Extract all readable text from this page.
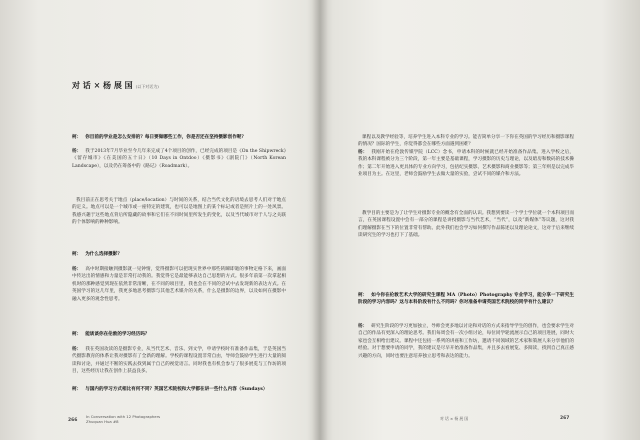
对 话 × 杨 展 国 (以下对话为)

柯： 你目前的学业是怎么安排的？每日要做哪些工作，你是否还在坚持摄影创作呢？

杨： 我于2013年7月毕业至今几年来完成了4个项目的创作，已经完成的项目是《On the Shipwreck》《留存城市》《在美国的五十日》（10 Days in Ontdoo）《摄影书》《剧院门》（North Korean Landscape），以及仍在筹备中的《路记》（Roadmark）。

我目前正在思考关于地点（place/location）与时间的关系，结合当代文化的语境去思考人们对于地点的定义。地点可以是一个城市或一座特定的建筑，也可以是地图上的某个标记或者是照片上的一处风景。我感兴趣于这些地点背后所隐藏的故事和它们在不同时间里所发生的变化，以及当代城市对于人与之关联的个体影响的种种影响。

柯： 为什么选择摄影？

杨： 高中时期接触到摄影就一见钟情，觉得摄影可以把现实世界中那些转瞬即逝的事物定格下来，画面中传达出的情感和力量是非常打动我的。我觉得它是最能够表达自己思想的方式。很多年前第一次拿起相机时的那种感觉到现在依然非常清晰，在不同的项目里，我也会在不同的尝试中去发现新的表达方式。在英国学习的这几年里，我更多地思考摄影与其他艺术媒介的关系，什么是摄影的边界，以及如何在摄影中融入更多的观念性思考。

柯： 能谈谈你在伦敦的学习经历吗？

杨： 我在英国攻读的是摄影专业，从当代艺术、音乐、到文学，申请学校时有准备作品集，于是英国当代摄影教育的体系让我对摄影有了全新的理解。学校的课程设置非常自由，导师会鼓励学生进行大量的阅读和讨论，并通过不断的实践去找到属于自己的视觉语言。同时我也有机会参与了很多展览与工作坊的项目，这些经历让我在创作上获益良多。

柯： 与国内的学习方式相比有何不同？英国艺术院校和大学都在讲一些什么内容（Sundays）

266
In Conversation with 12 Photographers
Zhuquan Hua #8

课程以及教学经验等，培养学生进入本科专业的学习。能否简单分享一下你在英国的学习经历和摄影课程的情况？国际的学生，你觉得都会在哪些方面遇到困难？

杨： 我刚开始在伦敦传媒学院（LCC）念书，申请本科的时候就已经开始准备作品集。进入学校之后，我的本科课程被分为三个阶段，第一年主要是基础课程，学习摄影的历史与理论，以及暗房和数码的技术操作；第二年开始进入更具体的专业方向学习，包括纪实摄影、艺术摄影和商业摄影等；第三年则是以完成毕业项目为主。在这里，老师会鼓励学生去做大量的实验，尝试不同的媒介和方法。

教学目的主要是为了让学生对摄影专业的概念有全面的认识。我想到要读一个学士学位就一个本科项目而言，在英国课程设置中会有一部分的课程是讲授摄影与当代艺术，“当代”，以及“新媒体”等议题，这对我们理解摄影在当下的位置非常有帮助。此外我们也会学习如何撰写作品陈述以及理论论文，这对于后来继续读研究生的学习也打下了基础。

柯： 如今你在伦敦艺术大学的研究生课程 MA（Photo）Photography 专业学习，能分享一下研究生阶段的学习内容吗？这与本科阶段有什么不同吗？你对准备申请英国艺术院校的同学有什么建议？

杨： 研究生阶段的学习更加独立，导师会更多地以讨论和对话的方式来指导学生的创作，也会要求学生对自己的作品有更深入的理论思考。我们每周会有一次小组讨论，每位同学轮流展示自己的项目进展，同时大家也会互相给出建议。课程中还包括一系列的讲座和工作坊，邀请不同领域的艺术家和策展人来分享他们的经验。对于想要申请的同学，我的建议是尽早开始准备作品集，并且多去看展览、多阅读，找到自己真正感兴趣的方向，同时也要注意培养独立思考和表达的能力。

对 话 × 杨 展 国	267
